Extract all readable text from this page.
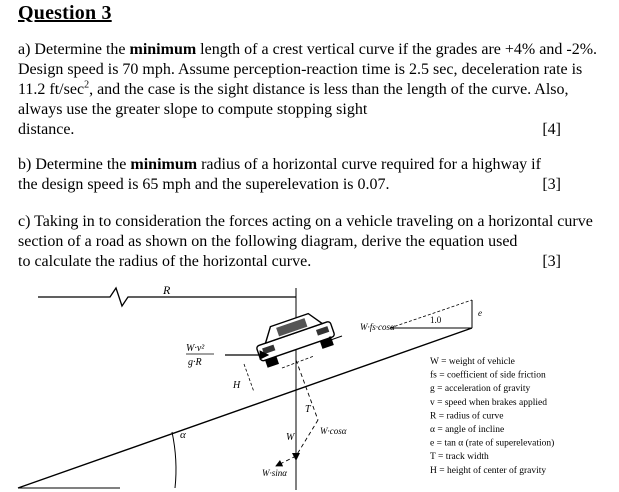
Question 3
a) Determine the minimum length of a crest vertical curve if the grades are +4% and -2%. Design speed is 70 mph. Assume perception-reaction time is 2.5 sec, deceleration rate is 11.2 $ft/\sec^2$, and the case is the sight distance is less than the length of the curve. Also, always use the greater slope to compute stopping sight
distance.	[4]
b) Determine the minimum radius of a horizontal curve required for a highway if
the design speed is 65 mph and the superelevation is 0.07.	[3]
c) Taking in to consideration the forces acting on a vehicle traveling on a horizontal curve section of a road as shown on the following diagram, derive the equation used
to calculate the radius of the horizontal curve.	[3]
R
α
1.0
e
W·v²
g·R
W·fs·cosα
H
T
W
W·cosα
W·sinα
W = weight of vehicle
fs = coefficient of side friction
g = acceleration of gravity
v = speed when brakes applied
R = radius of curve
α = angle of incline
e = tan α (rate of superelevation)
T = track width
H = height of center of gravity
